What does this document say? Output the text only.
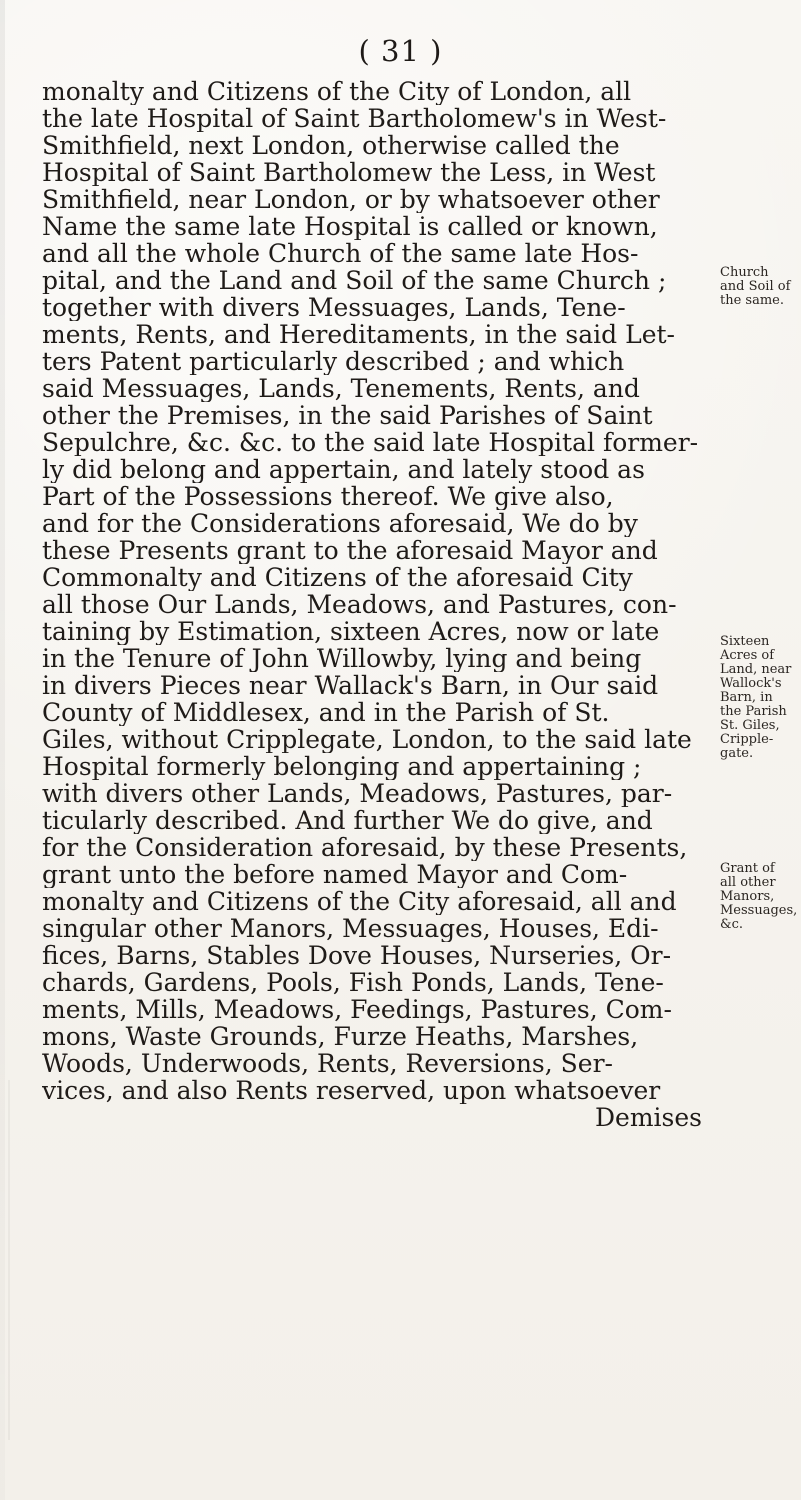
( 31 )
monalty and Citizens of the City of London, all
the late Hospital of Saint Bartholomew's in West-
Smithfield, next London, otherwise called the
Hospital of Saint Bartholomew the Less, in West
Smithfield, near London, or by whatsoever other
Name the same late Hospital is called or known,
and all the whole Church of the same late Hos-
pital, and the Land and Soil of the same Church ;
together with divers Messuages, Lands, Tene-
ments, Rents, and Hereditaments, in the said Let-
ters Patent particularly described ; and which
said Messuages, Lands, Tenements, Rents, and
other the Premises, in the said Parishes of Saint
Sepulchre, &c. &c. to the said late Hospital former-
ly did belong and appertain, and lately stood as
Part of the Possessions thereof. We give also,
and for the Considerations aforesaid, We do by
these Presents grant to the aforesaid Mayor and
Commonalty and Citizens of the aforesaid City
all those Our Lands, Meadows, and Pastures, con-
taining by Estimation, sixteen Acres, now or late
in the Tenure of John Willowby, lying and being
in divers Pieces near Wallack's Barn, in Our said
County of Middlesex, and in the Parish of St.
Giles, without Cripplegate, London, to the said late
Hospital formerly belonging and appertaining ;
with divers other Lands, Meadows, Pastures, par-
ticularly described. And further We do give, and
for the Consideration aforesaid, by these Presents,
grant unto the before named Mayor and Com-
monalty and Citizens of the City aforesaid, all and
singular other Manors, Messuages, Houses, Edi-
fices, Barns, Stables Dove Houses, Nurseries, Or-
chards, Gardens, Pools, Fish Ponds, Lands, Tene-
ments, Mills, Meadows, Feedings, Pastures, Com-
mons, Waste Grounds, Furze Heaths, Marshes,
Woods, Underwoods, Rents, Reversions, Ser-
vices, and also Rents reserved, upon whatsoever
Demises
Church
and Soil of
the same.
Sixteen
Acres of
Land, near
Wallock's
Barn, in
the Parish
St. Giles,
Cripple-
gate.
Grant of
all other
Manors,
Messuages,
&c.
